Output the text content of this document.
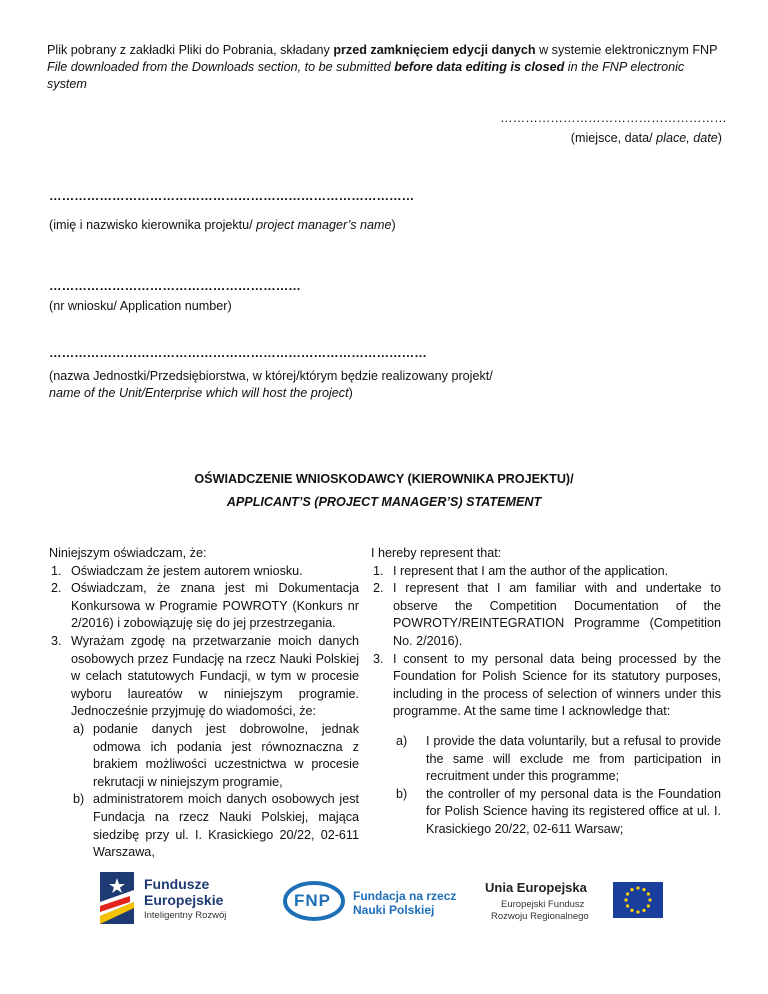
Plik pobrany z zakładki Pliki do Pobrania, składany przed zamknięciem edycji danych w systemie elektronicznym FNP
File downloaded from the Downloads section, to be submitted before data editing is closed in the FNP electronic
system
………………………………………………
(miejsce, data/ place, date)
……………………………………………………………………………
(imię i nazwisko kierownika projektu/ project manager’s name)
……………………………………………………
(nr wniosku/ Application number)
………………………………………………………………………………
(nazwa Jednostki/Przedsiębiorstwa, w której/którym będzie realizowany projekt/
name of the Unit/Enterprise which will host the project)
OŚWIADCZENIE WNIOSKODAWCY (KIEROWNIKA PROJEKTU)/
APPLICANT’S (PROJECT MANAGER’S) STATEMENT

Niniejszym oświadczam, że:

1. Oświadczam że jestem autorem wniosku.
2. Oświadczam, że znana jest mi Dokumentacja Konkursowa w Programie POWROTY (Konkurs nr 2/2016) i zobowiązuję się do jej przestrzegania.
3. Wyrażam zgodę na przetwarzanie moich danych osobowych przez Fundację na rzecz Nauki Polskiej w celach statutowych Fundacji, w tym w procesie wyboru laureatów w niniejszym programie. Jednocześnie przyjmuję do wiadomości, że:
a) podanie danych jest dobrowolne, jednak odmowa ich podania jest równoznaczna z brakiem możliwości uczestnictwa w procesie rekrutacji w niniejszym programie,
b) administratorem moich danych osobowych jest Fundacja na rzecz Nauki Polskiej, mająca siedzibę przy ul. I. Krasickiego 20/22, 02-611 Warszawa,

I hereby represent that:

1. I represent that I am the author of the application.
2. I represent that I am familiar with and undertake to observe the Competition Documentation of the POWROTY/REINTEGRATION Programme (Competition No. 2/2016).
3. I consent to my personal data being processed by the Foundation for Polish Science for its statutory purposes, including in the process of selection of winners under this programme. At the same time I acknowledge that:
a) I provide the data voluntarily, but a refusal to provide the same will exclude me from participation in recruitment under this programme;
b) the controller of my personal data is the Foundation for Polish Science having its registered office at ul. I. Krasickiego 20/22, 02-611 Warsaw;
Fundusze
Europejskie
Inteligentny Rozwój
FNP Fundacja na rzecz
Nauki Polskiej
Unia Europejska
Europejski Fundusz
Rozwoju Regionalnego
